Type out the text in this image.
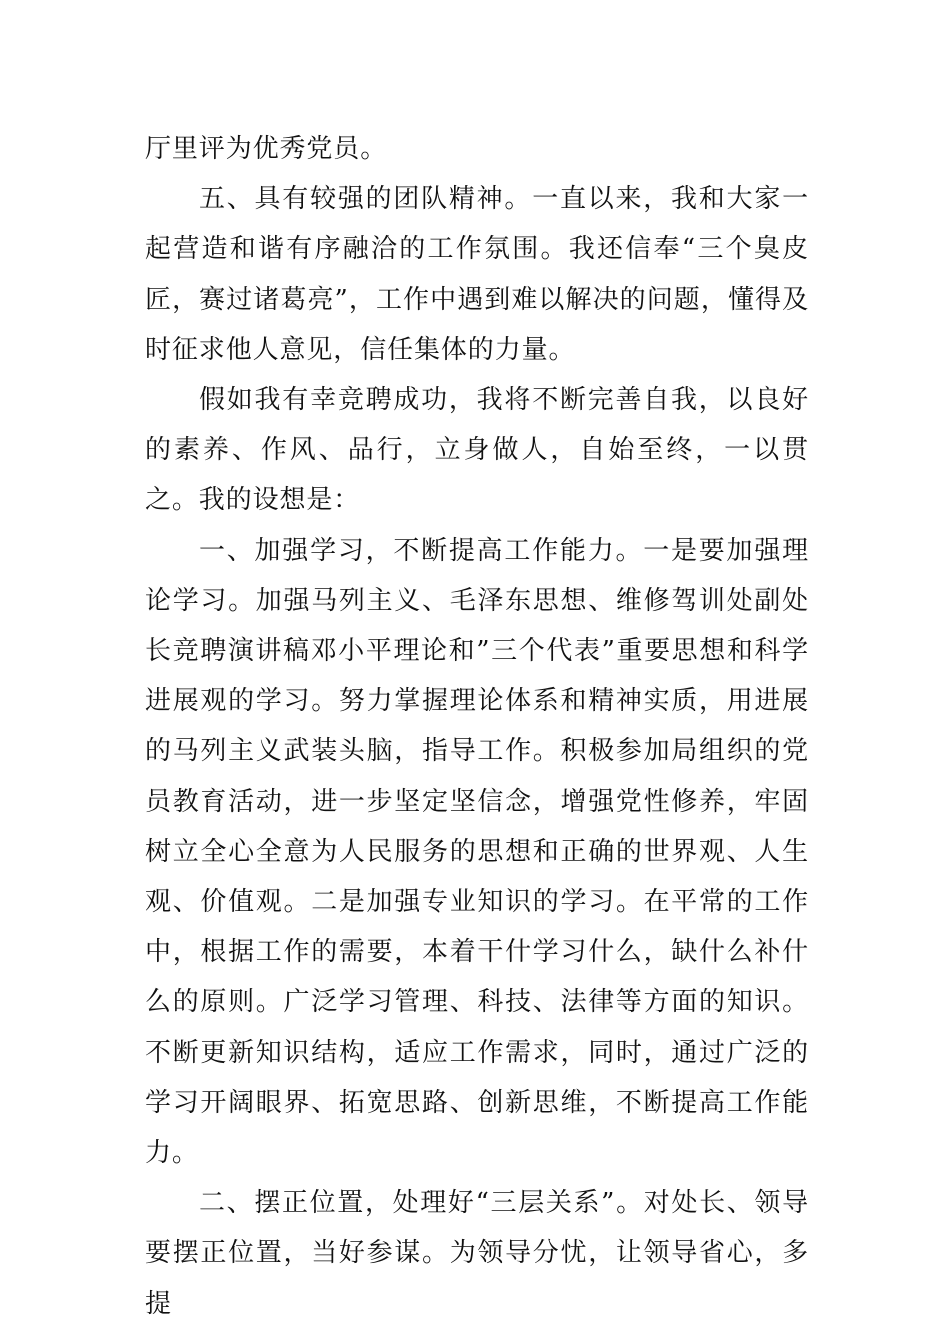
厅里评为优秀党员。

五、具有较强的团队精神。一直以来，我和大家一起营造和谐有序融洽的工作氛围。我还信奉“三个臭皮匠，赛过诸葛亮”，工作中遇到难以解决的问题，懂得及时征求他人意见，信任集体的力量。

假如我有幸竞聘成功，我将不断完善自我，以良好的素养、作风、品行，立身做人，自始至终，一以贯之。我的设想是：

一、加强学习，不断提高工作能力。一是要加强理论学习。加强马列主义、毛泽东思想、维修驾训处副处长竞聘演讲稿邓小平理论和”三个代表”重要思想和科学进展观的学习。努力掌握理论体系和精神实质，用进展的马列主义武装头脑，指导工作。积极参加局组织的党员教育活动，进一步坚定坚信念，增强党性修养，牢固树立全心全意为人民服务的思想和正确的世界观、人生观、价值观。二是加强专业知识的学习。在平常的工作中，根据工作的需要，本着干什学习什么，缺什么补什么的原则。广泛学习管理、科技、法律等方面的知识。不断更新知识结构，适应工作需求，同时，通过广泛的学习开阔眼界、拓宽思路、创新思维，不断提高工作能力。

二、摆正位置，处理好“三层关系”。对处长、领导要摆正位置，当好参谋。为领导分忧，让领导省心，多提
